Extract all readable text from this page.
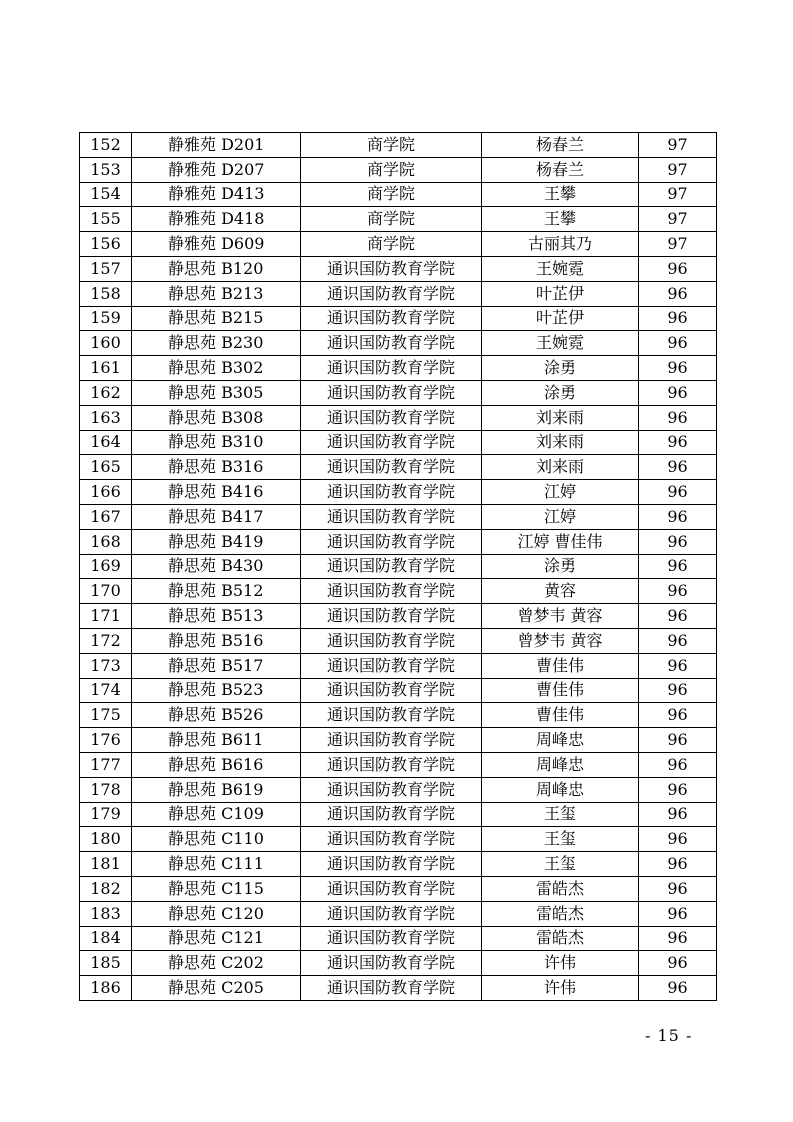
152	静雅苑 D201	商学院	杨春兰	97
153	静雅苑 D207	商学院	杨春兰	97
154	静雅苑 D413	商学院	王攀	97
155	静雅苑 D418	商学院	王攀	97
156	静雅苑 D609	商学院	古丽其乃	97
157	静思苑 B120	通识国防教育学院	王婉霓	96
158	静思苑 B213	通识国防教育学院	叶芷伊	96
159	静思苑 B215	通识国防教育学院	叶芷伊	96
160	静思苑 B230	通识国防教育学院	王婉霓	96
161	静思苑 B302	通识国防教育学院	涂勇	96
162	静思苑 B305	通识国防教育学院	涂勇	96
163	静思苑 B308	通识国防教育学院	刘来雨	96
164	静思苑 B310	通识国防教育学院	刘来雨	96
165	静思苑 B316	通识国防教育学院	刘来雨	96
166	静思苑 B416	通识国防教育学院	江婷	96
167	静思苑 B417	通识国防教育学院	江婷	96
168	静思苑 B419	通识国防教育学院	江婷 曹佳伟	96
169	静思苑 B430	通识国防教育学院	涂勇	96
170	静思苑 B512	通识国防教育学院	黄容	96
171	静思苑 B513	通识国防教育学院	曾梦韦 黄容	96
172	静思苑 B516	通识国防教育学院	曾梦韦 黄容	96
173	静思苑 B517	通识国防教育学院	曹佳伟	96
174	静思苑 B523	通识国防教育学院	曹佳伟	96
175	静思苑 B526	通识国防教育学院	曹佳伟	96
176	静思苑 B611	通识国防教育学院	周峰忠	96
177	静思苑 B616	通识国防教育学院	周峰忠	96
178	静思苑 B619	通识国防教育学院	周峰忠	96
179	静思苑 C109	通识国防教育学院	王玺	96
180	静思苑 C110	通识国防教育学院	王玺	96
181	静思苑 C111	通识国防教育学院	王玺	96
182	静思苑 C115	通识国防教育学院	雷皓杰	96
183	静思苑 C120	通识国防教育学院	雷皓杰	96
184	静思苑 C121	通识国防教育学院	雷皓杰	96
185	静思苑 C202	通识国防教育学院	许伟	96
186	静思苑 C205	通识国防教育学院	许伟	96
- 15 -
